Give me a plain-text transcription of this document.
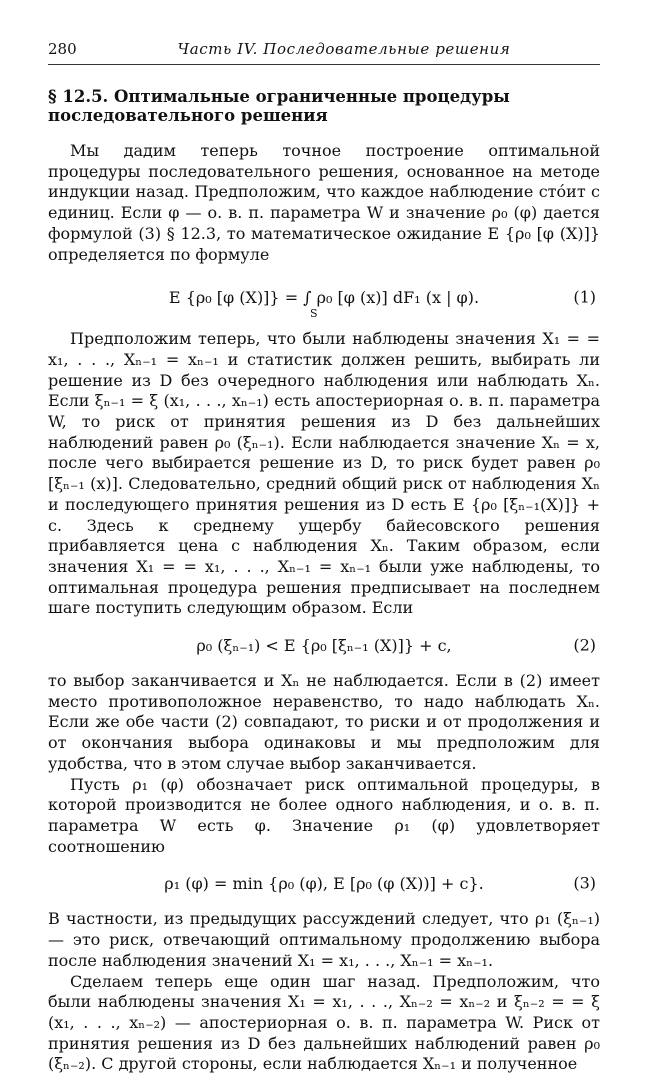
280	Часть IV. Последовательные решения
§ 12.5. Оптимальные ограниченные процедуры последовательного решения

Мы дадим теперь точное построение оптимальной процедуры последовательного решения, основанное на методе индукции назад. Предположим, что каждое наблюдение стóит c единиц. Если φ — о. в. п. параметра W и значение ρ₀ (φ) дается формулой (3) § 12.3, то математическое ожидание E {ρ₀ [φ (X)]} определяется по формуле

E {ρ₀ [φ (X)]} = ∫ ρ₀ [φ (x)] dF₁ (x | φ).
S
(1)

Предположим теперь, что были наблюдены значения X₁ = = x₁, . . ., Xₙ₋₁ = xₙ₋₁ и статистик должен решить, выбирать ли решение из D без очередного наблюдения или наблюдать Xₙ. Если ξₙ₋₁ = ξ (x₁, . . ., xₙ₋₁) есть апостериорная о. в. п. параметра W, то риск от принятия решения из D без дальнейших наблюдений равен ρ₀ (ξₙ₋₁). Если наблюдается значение Xₙ = x, после чего выбирается решение из D, то риск будет равен ρ₀ [ξₙ₋₁ (x)]. Следовательно, средний общий риск от наблюдения Xₙ и последующего принятия решения из D есть E {ρ₀ [ξₙ₋₁(X)]} + c. Здесь к среднему ущербу байесовского решения прибавляется цена c наблюдения Xₙ. Таким образом, если значения X₁ = = x₁, . . ., Xₙ₋₁ = xₙ₋₁ были уже наблюдены, то оптимальная процедура решения предписывает на последнем шаге поступить следующим образом. Если

ρ₀ (ξₙ₋₁) < E {ρ₀ [ξₙ₋₁ (X)]} + c,	(2)

то выбор заканчивается и Xₙ не наблюдается. Если в (2) имеет место противоположное неравенство, то надо наблюдать Xₙ. Если же обе части (2) совпадают, то риски и от продолжения и от окончания выбора одинаковы и мы предположим для удобства, что в этом случае выбор заканчивается.

Пусть ρ₁ (φ) обозначает риск оптимальной процедуры, в которой производится не более одного наблюдения, и о. в. п. параметра W есть φ. Значение ρ₁ (φ) удовлетворяет соотношению

ρ₁ (φ) = min {ρ₀ (φ), E [ρ₀ (φ (X))] + c}.	(3)

В частности, из предыдущих рассуждений следует, что ρ₁ (ξₙ₋₁) — это риск, отвечающий оптимальному продолжению выбора после наблюдения значений X₁ = x₁, . . ., Xₙ₋₁ = xₙ₋₁.

Сделаем теперь еще один шаг назад. Предположим, что были наблюдены значения X₁ = x₁, . . ., Xₙ₋₂ = xₙ₋₂ и ξₙ₋₂ = = ξ (x₁, . . ., xₙ₋₂) — апостериорная о. в. п. параметра W. Риск от принятия решения из D без дальнейших наблюдений равен ρ₀ (ξₙ₋₂). С другой стороны, если наблюдается Xₙ₋₁ и полученное
